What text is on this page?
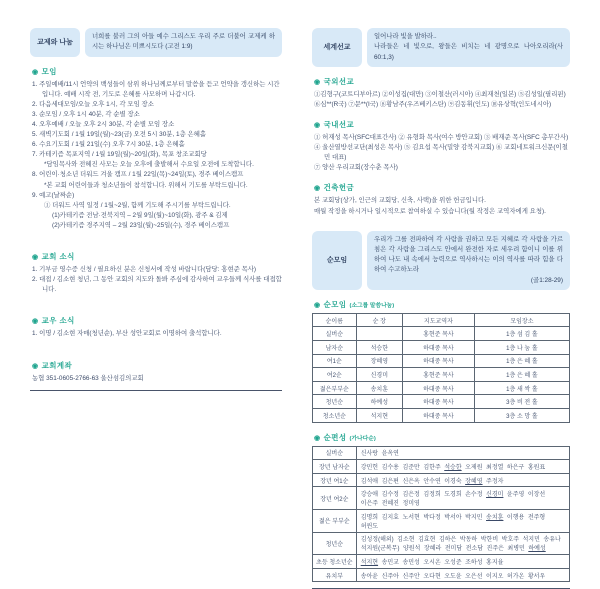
교제와 나눔
너희를 불러 그의 아들 예수 그리스도 우리 주로 더불어 교제케 하시는 하나님은 미쁘시도다 (고전 1:9)
◉ 모임
1. 주일예배/11시 언약의 백성들이 삼위 하나님께로부터 말씀을 듣고 언약을 갱신하는 시간입니다. 예배 시작 전, 기도로 은혜를 사모하며 나갑시다.
2. 다음세대모임/오늘 오후 1시, 각 모임 장소
3. 순모임 / 오후 1시 40분, 각 순별 장소
4. 오후예배 / 오늘 오후 2시 30분, 각 순별 모임 장소
5. 새벽기도회 / 1월 19일(월)~23(금) 오전 5시 30분, 1층 은혜홀
6. 수요기도회 / 1월 21일(수) 오후 7시 30분, 1층 은혜홀
7. 카테키즘 목포지역 / 1월 19일(월)~20일(화), 목포 창조교회당
*담임목사와 전혜진 사모는 오늘 오후에 출발해서 수요일 오전에 도착합니다.
8. 어린이·청소년 더워드 겨울 캠프 / 1월 22일(목)~24일(토), 경주 베이스캠프
*본 교회 어린이들과 청소년들이 참석합니다. 위해서 기도를 부탁드립니다.
9. 예고(날짜순)
① 더워드 사역 일정 / 1월~2월, 함께 기도해 주시기를 부탁드립니다.
(1)카테키즘 전남·전북지역 – 2월 9일(월)~10일(화), 광주 & 김제
(2)카테키즘 경주지역 – 2월 23일(월)~25일(수), 경주 베이스캠프
◉ 교회 소식
1. 기부금 영수증 신청 / 필요하신 분은 신청서에 작성 바랍니다(담당: 홍현준 목사)
2. 대접 / 김소현 청년, 그 동안 교회의 지도와 돌봐 주심에 감사하여 교우들께 식사를 대접합니다.
◉ 교우 소식
1. 이명 / 김소현 자매(청년순), 부산 성안교회로 이명하여 출석합니다.
◉ 교회계좌
농협 351-0605-2766-63 울산섬김의교회
세계선교
일어나라 빛을 발하라..
나라들은 네 빛으로, 왕들은 비치는 네 광명으로 나아오리라(사60:1,3)
◉ 국외선교
①김형구(코트디부아르) ②이성집(대만) ③이철산(러시아) ④최재천(일본) ⑤김성일(필리핀)
⑥심**(R국) ⑦문**(I국) ⑧황남주(우즈베키스탄) ⑨김동휘(인도) ⑩유상혁(인도네시아)
◉ 국내선교
① 허재성 목사(SFC대표간사) ② 유형화 목사(여수 방안교회) ③ 배재준 목사(SFC 총무간사)
④ 울산열방선교단(최성은 목사) ⑤ 김요섭 목사(밀양 감북지교회) ⑥ 교회네트워크신문(이철민 대표)
⑦ 양산 우리교회(장수춘 목사)
◉ 건축헌금
본 교회당(상가, 인근의 교회당, 신축, 사택)을 위한 헌금입니다.
매월 작정을 하시거나 일시적으로 참여하실 수 있습니다(월 작정은 교역자에게 요청).
순모임
우리가 그를 전파하여 각 사람을 권하고 모든 지혜로 각 사람을 가르침은 각 사람을 그리스도 안에서 완전한 자로 세우려 함이니 이를 위하여 나도 내 속에서 능력으로 역사하시는 이의 역사를 따라 힘을 다하여 수고하노라
(골1:28-29)
◉ 순모임 (소그룹 말씀나눔)
순이름	순 장	지도교역자	모임장소
실버순		홍현준 목사	1층 섬 김 홀
남자순	석승한	하대중 목사	1층 나 눔 홀
여1순	장혜영	하대중 목사	1층 은 혜 홀
여2순	신경미	홍현준 목사	1층 은 혜 홀
젊은부부순	송치훈	하대중 목사	1층 새 싹 홀
청년순	하예성	하대중 목사	3층 비 전 홀
청소년순	석지현	하대중 목사	3층 소 망 홀
◉ 순편성 (가나다순)
실버순	신사랑 윤옥연
장년 남자순	강민헌 김수용 김준만 김한주 석승한 오제원 최정열 하은구 홍원표
장년 여1순	김석애 김은편 신은옥 안수연 이경숙 장혜영 주정자
장년 여2순	강승애 김수정 김은정 김정희 도경희 손수정 신경미 윤주영 이장선이은주 전혜진 정미영
젊은 부부순	김명희 김지효 노서현 박다정 박서아 박지민 송치훈 이행용 전주형허윈도
청년순	김성정(해외) 김소현 김효현 김하은 박동하 박한비 박호주 석지민 송유나석지원(군복무) 양원석 장혜라 전미담 전소담 진주은 최병민 하예성
초등 청소년순	석지현 송민교 송민성 오시온 오성준 조하성 홍지율
유치부	송아윤 신주아 신주안 오다현 오도윤 오은선 이지오 허가온 황서우
